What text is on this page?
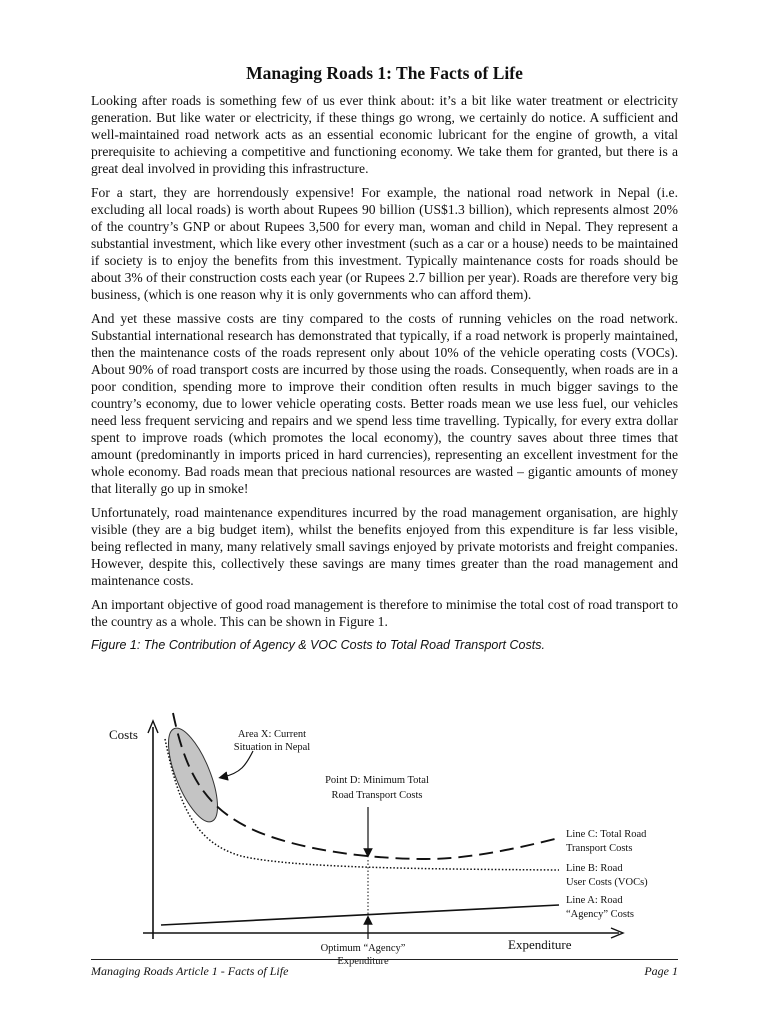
Managing Roads 1: The Facts of Life

Looking after roads is something few of us ever think about: it’s a bit like water treatment or electricity generation. But like water or electricity, if these things go wrong, we certainly do notice. A sufficient and well-maintained road network acts as an essential economic lubricant for the engine of growth, a vital prerequisite to achieving a competitive and functioning economy. We take them for granted, but there is a great deal involved in providing this infrastructure.

For a start, they are horrendously expensive! For example, the national road network in Nepal (i.e. excluding all local roads) is worth about Rupees 90 billion (US$1.3 billion), which represents almost 20% of the country’s GNP or about Rupees 3,500 for every man, woman and child in Nepal. They represent a substantial investment, which like every other investment (such as a car or a house) needs to be maintained if society is to enjoy the benefits from this investment. Typically maintenance costs for roads should be about 3% of their construction costs each year (or Rupees 2.7 billion per year). Roads are therefore very big business, (which is one reason why it is only governments who can afford them).

And yet these massive costs are tiny compared to the costs of running vehicles on the road network. Substantial international research has demonstrated that typically, if a road network is properly maintained, then the maintenance costs of the roads represent only about 10% of the vehicle operating costs (VOCs). About 90% of road transport costs are incurred by those using the roads. Consequently, when roads are in a poor condition, spending more to improve their condition often results in much bigger savings to the country’s economy, due to lower vehicle operating costs. Better roads mean we use less fuel, our vehicles need less frequent servicing and repairs and we spend less time travelling. Typically, for every extra dollar spent to improve roads (which promotes the local economy), the country saves about three times that amount (predominantly in imports priced in hard currencies), representing an excellent investment for the whole economy. Bad roads mean that precious national resources are wasted – gigantic amounts of money that literally go up in smoke!

Unfortunately, road maintenance expenditures incurred by the road management organisation, are highly visible (they are a big budget item), whilst the benefits enjoyed from this expenditure is far less visible, being reflected in many, many relatively small savings enjoyed by private motorists and freight companies. However, despite this, collectively these savings are many times greater than the road management and maintenance costs.

An important objective of good road management is therefore to minimise the total cost of road transport to the country as a whole. This can be shown in Figure 1.

Figure 1: The Contribution of Agency & VOC Costs to Total Road Transport Costs.
Costs
Expenditure
Area X: Current
Situation in Nepal
Point D: Minimum Total
Road Transport Costs
Line C: Total Road
Transport Costs
Line B: Road
User Costs (VOCs)
Line A: Road
“Agency” Costs
Optimum “Agency”
Expenditure
Managing Roads Article 1 - Facts of Life	Page 1
